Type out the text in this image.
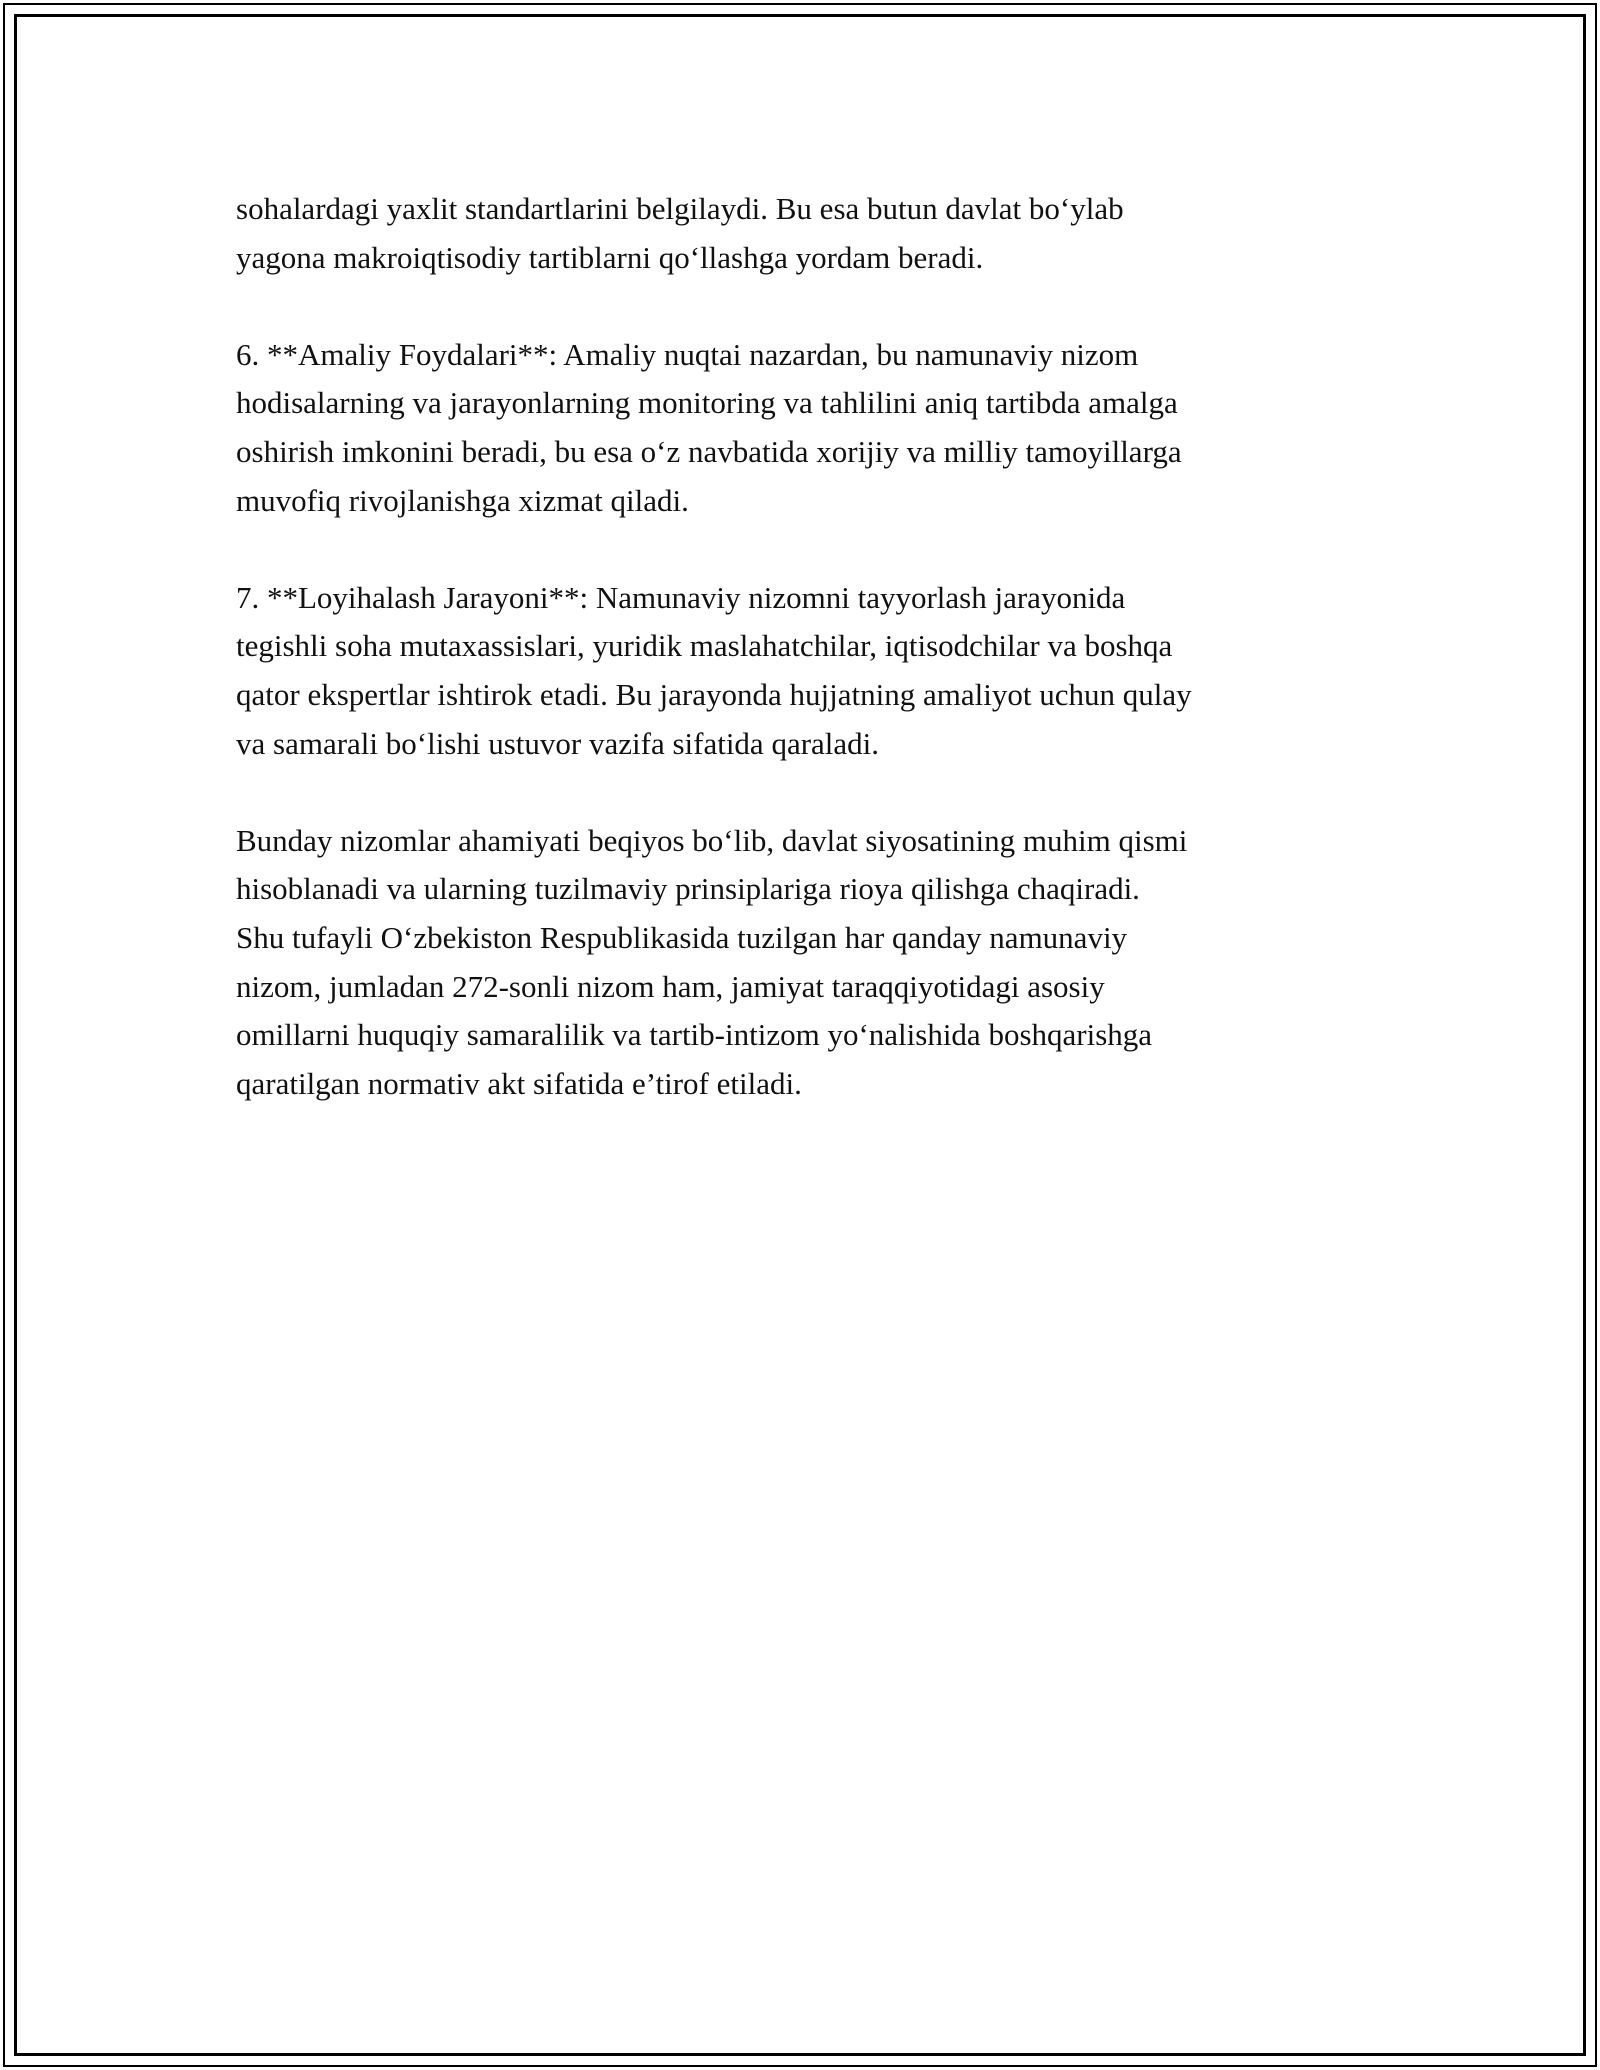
sohalardagi yaxlit standartlarini belgilaydi. Bu esa butun davlat bo‘ylab
yagona makroiqtisodiy tartiblarni qo‘llashga yordam beradi.

6. **Amaliy Foydalari**: Amaliy nuqtai nazardan, bu namunaviy nizom
hodisalarning va jarayonlarning monitoring va tahlilini aniq tartibda amalga
oshirish imkonini beradi, bu esa o‘z navbatida xorijiy va milliy tamoyillarga
muvofiq rivojlanishga xizmat qiladi.

7. **Loyihalash Jarayoni**: Namunaviy nizomni tayyorlash jarayonida
tegishli soha mutaxassislari, yuridik maslahatchilar, iqtisodchilar va boshqa
qator ekspertlar ishtirok etadi. Bu jarayonda hujjatning amaliyot uchun qulay
va samarali bo‘lishi ustuvor vazifa sifatida qaraladi.

Bunday nizomlar ahamiyati beqiyos bo‘lib, davlat siyosatining muhim qismi
hisoblanadi va ularning tuzilmaviy prinsiplariga rioya qilishga chaqiradi.
Shu tufayli O‘zbekiston Respublikasida tuzilgan har qanday namunaviy
nizom, jumladan 272-sonli nizom ham, jamiyat taraqqiyotidagi asosiy
omillarni huquqiy samaralilik va tartib-intizom yo‘nalishida boshqarishga
qaratilgan normativ akt sifatida e’tirof etiladi.
